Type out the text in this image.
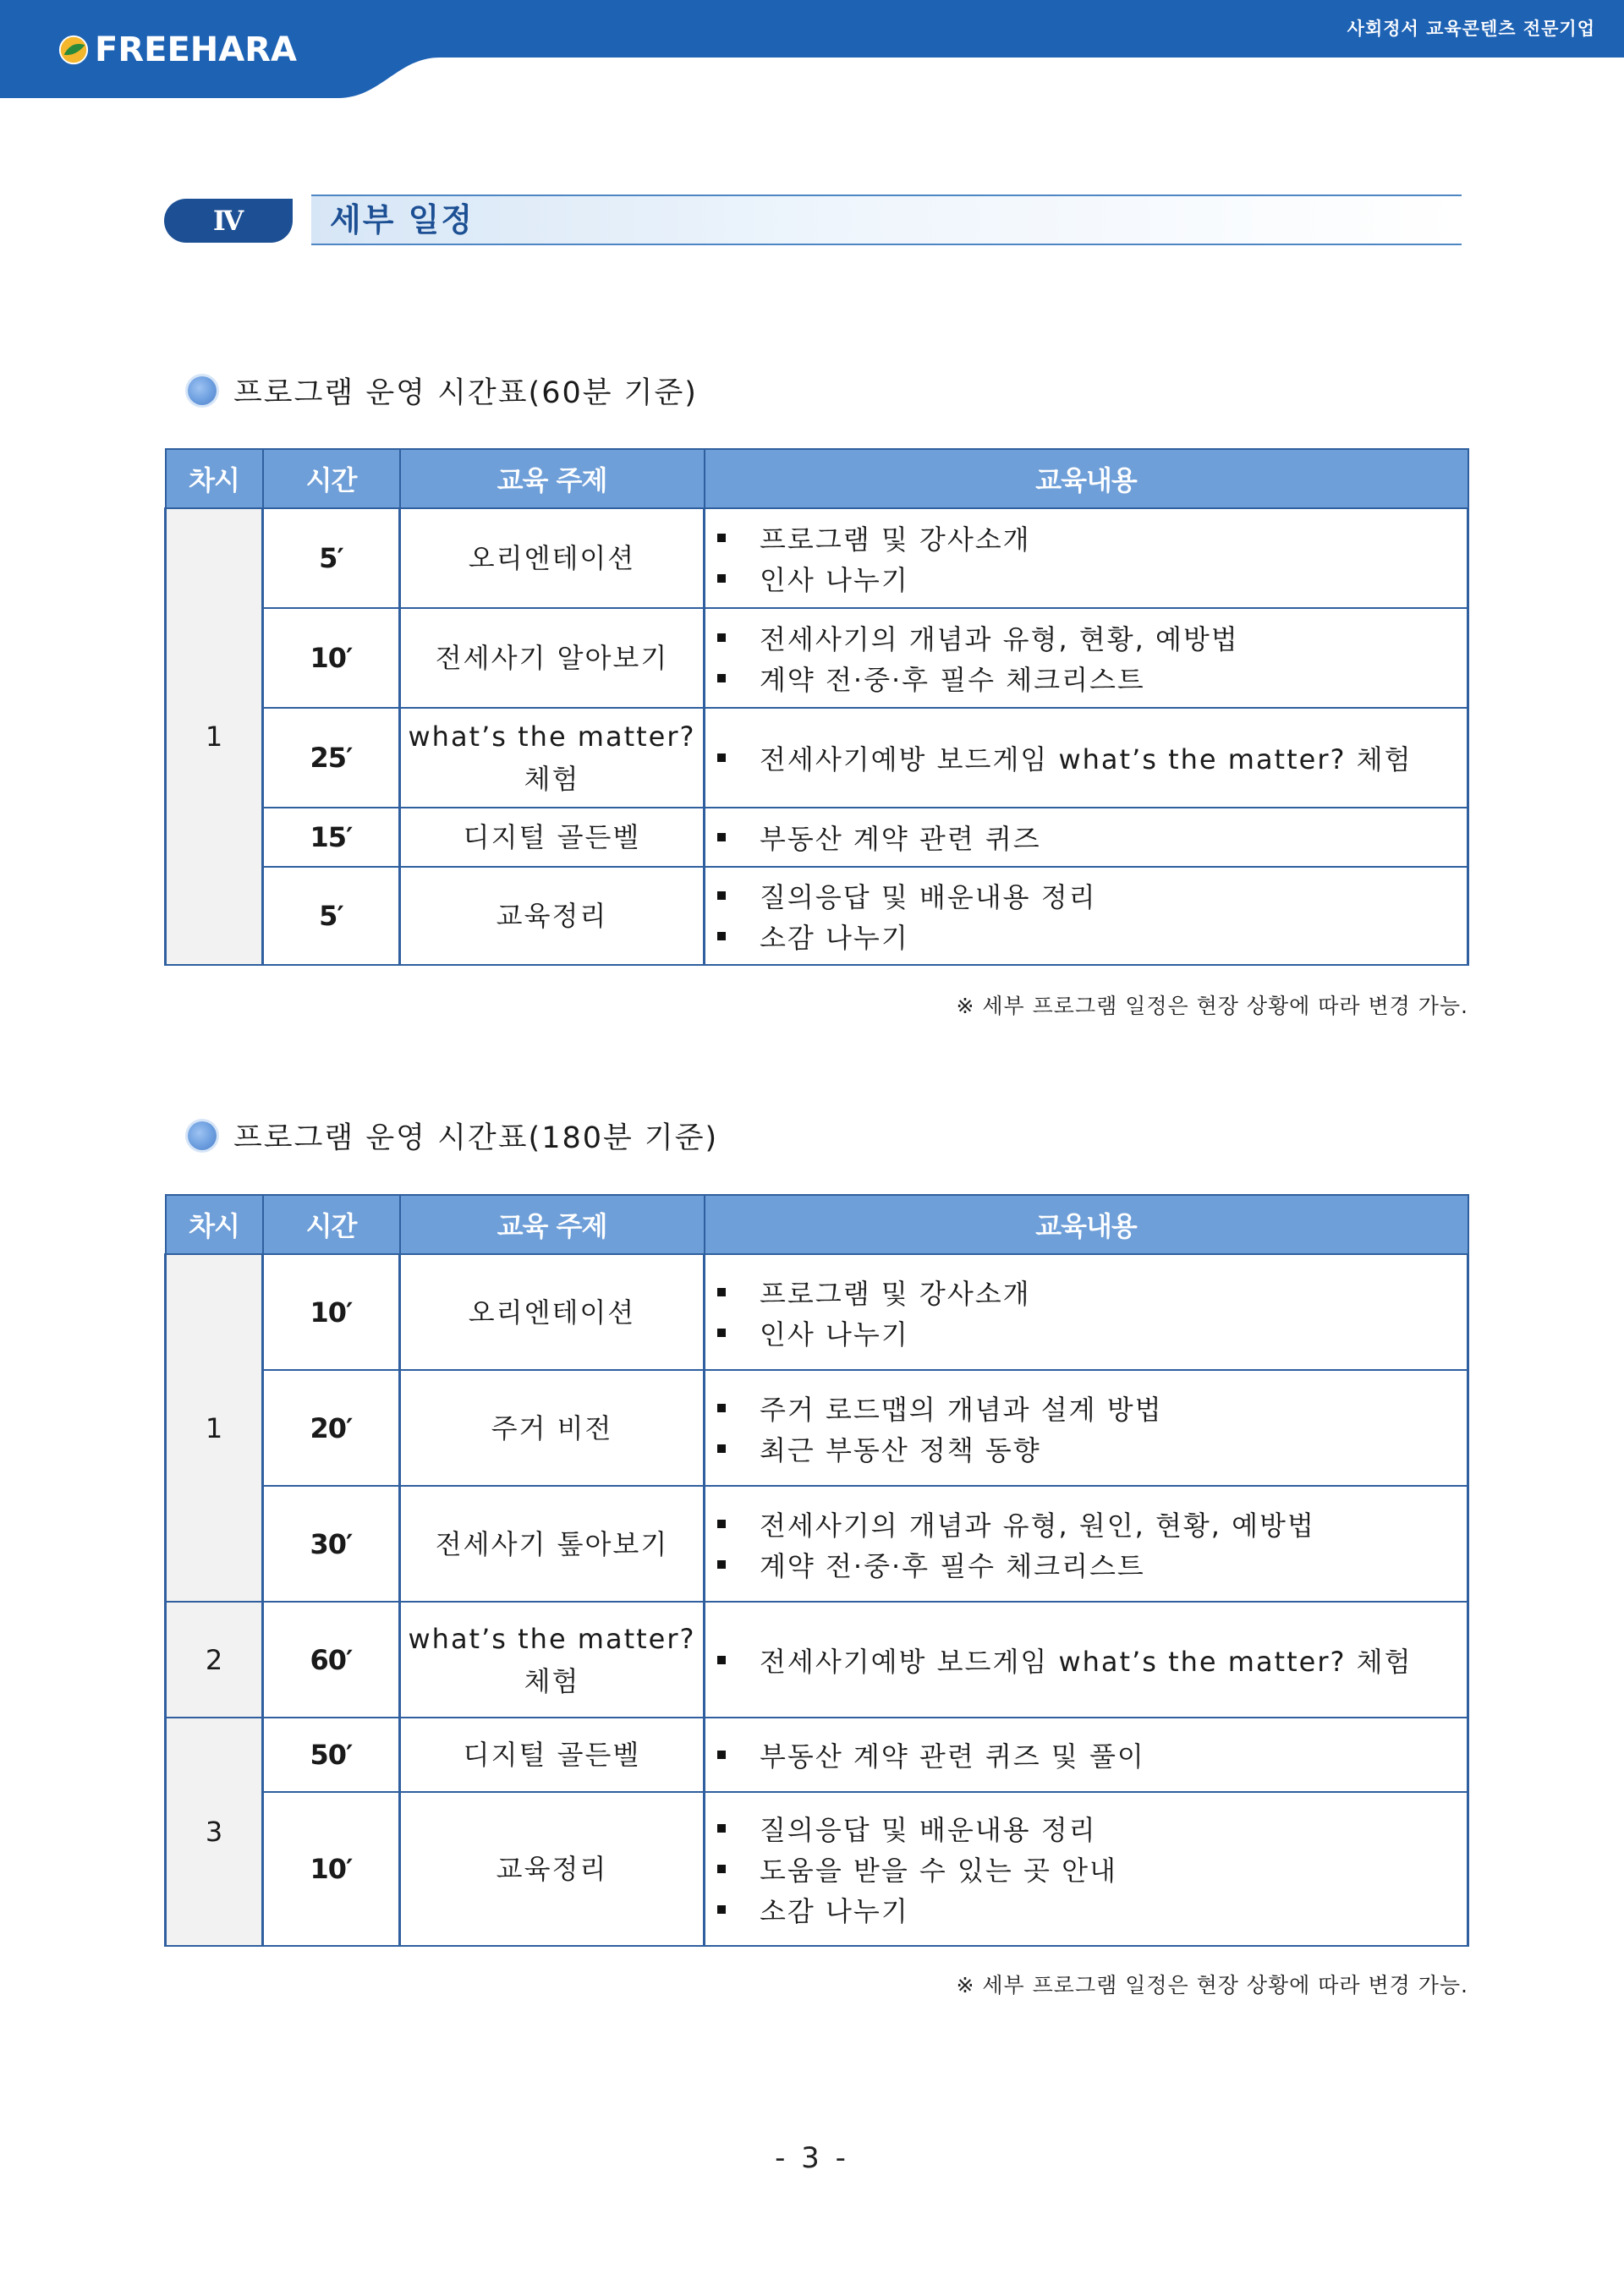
FREEHARA
사회정서 교육콘텐츠 전문기업
Ⅳ	세부 일정
프로그램 운영 시간표(60분 기준)
차시	시간	교육 주제	교육내용
1	5′	오리엔테이션	프로그램 및 강사소개
인사 나누기

	10′	전세사기 알아보기	전세사기의 개념과 유형, 현황, 예방법
계약 전·중·후 필수 체크리스트

	25′	what’s the matter?
체험	전세사기예방 보드게임 what’s the matter? 체험

	15′	디지털 골든벨	부동산 계약 관련 퀴즈

	5′	교육정리	질의응답 및 배운내용 정리
소감 나누기
※ 세부 프로그램 일정은 현장 상황에 따라 변경 가능.
프로그램 운영 시간표(180분 기준)
차시	시간	교육 주제	교육내용
1	10′	오리엔테이션	프로그램 및 강사소개
인사 나누기

	20′	주거 비전	주거 로드맵의 개념과 설계 방법
최근 부동산 정책 동향

	30′	전세사기 톺아보기	전세사기의 개념과 유형, 원인, 현황, 예방법
계약 전·중·후 필수 체크리스트

2	60′	what’s the matter?
체험	전세사기예방 보드게임 what’s the matter? 체험

3	50′	디지털 골든벨	부동산 계약 관련 퀴즈 및 풀이

	10′	교육정리	질의응답 및 배운내용 정리
도움을 받을 수 있는 곳 안내
소감 나누기
※ 세부 프로그램 일정은 현장 상황에 따라 변경 가능.
- 3 -
